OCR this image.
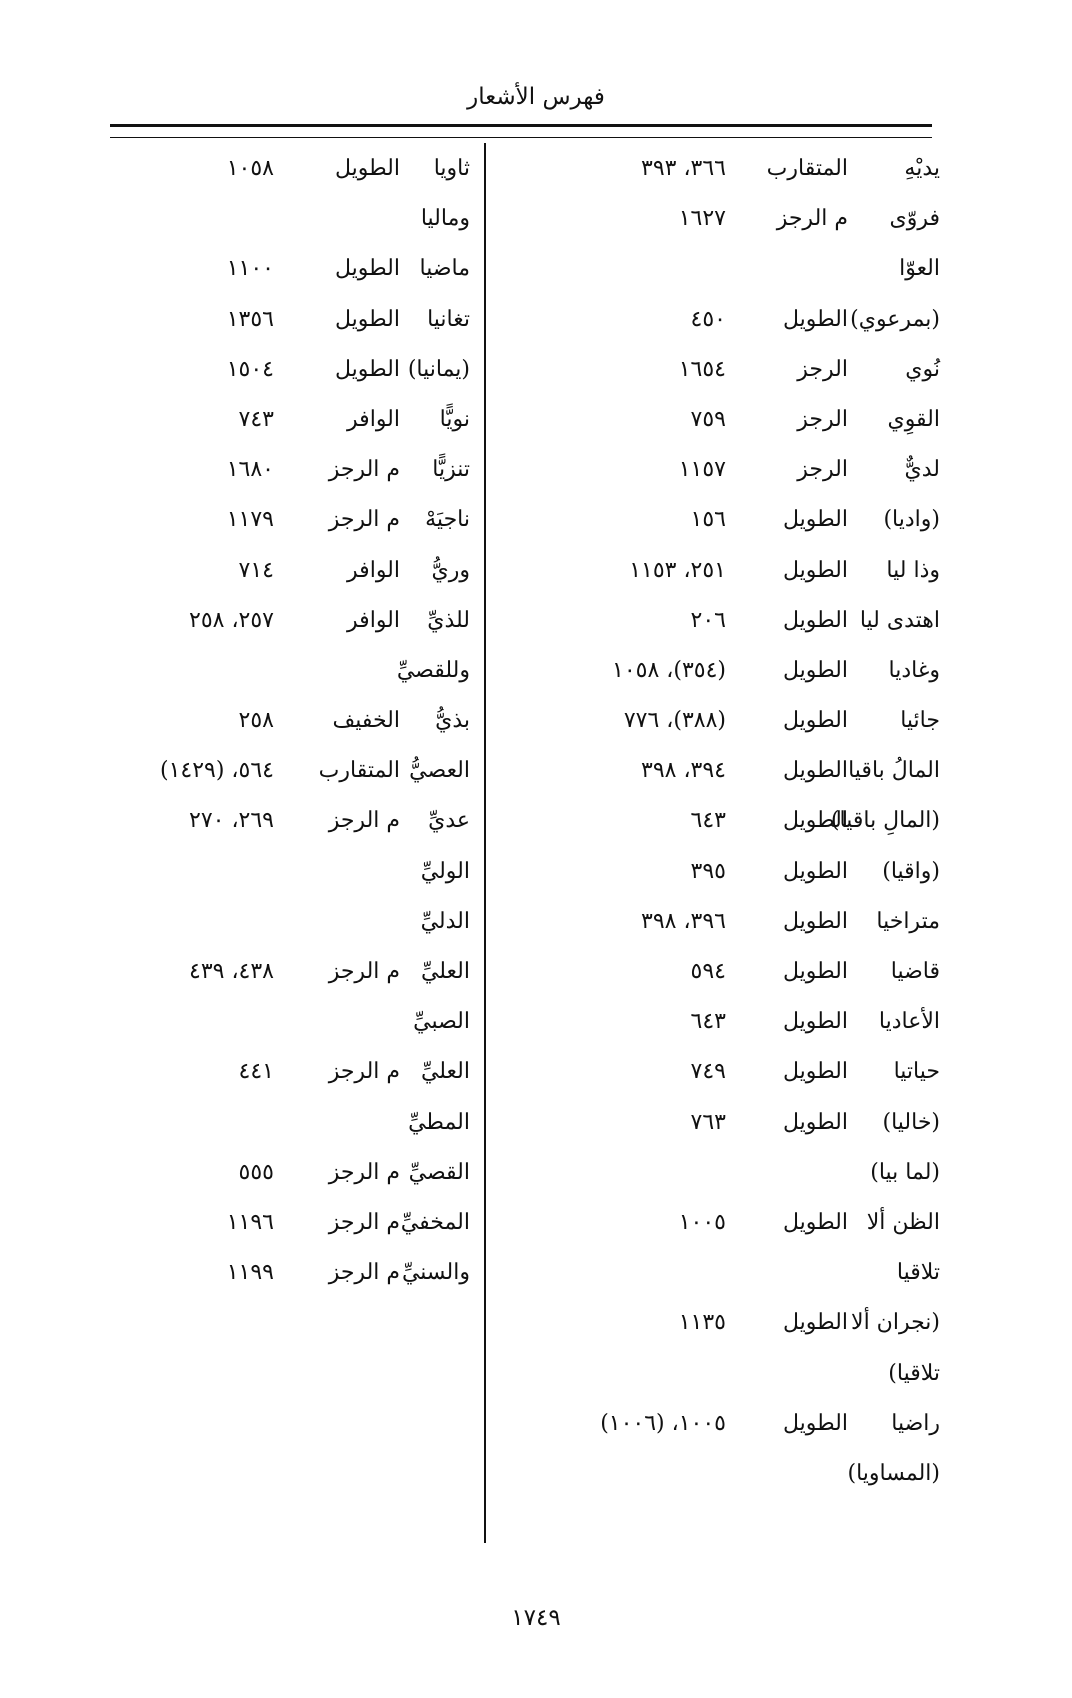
فهرس الأشعار
يديْهِ
المتقارب
٣٦٦، ٣٩٣
فروّى
م الرجز
١٦٢٧
العوّا
(بمرعوي)
الطويل
٤٥٠
نُوي
الرجز
١٦٥٤
القوِي
الرجز
٧٥٩
لديٌّ
الرجز
١١٥٧
(واديا)
الطويل
١٥٦
وذا ليا
الطويل
٢٥١، ١١٥٣
اهتدى ليا
الطويل
٢٠٦
وغاديا
الطويل
(٣٥٤)، ١٠٥٨
جائيا
الطويل
(٣٨٨)، ٧٧٦
المالُ باقيا
الطويل
٣٩٤، ٣٩٨
(المالِ باقيا)
الطويل
٦٤٣
(واقيا)
الطويل
٣٩٥
متراخيا
الطويل
٣٩٦، ٣٩٨
قاضيا
الطويل
٥٩٤
الأعاديا
الطويل
٦٤٣
حياتيا
الطويل
٧٤٩
(خاليا)
الطويل
٧٦٣
(لما بيا)
الظن ألا
الطويل
١٠٠٥
تلاقيا
(نجران ألا
الطويل
١١٣٥
تلاقيا)
راضيا
الطويل
١٠٠٥، (١٠٠٦)
(المساويا)
ثاويا
الطويل
١٠٥٨
وماليا
ماضيا
الطويل
١١٠٠
تغانيا
الطويل
١٣٥٦
(يمانيا)
الطويل
١٥٠٤
نويًّا
الوافر
٧٤٣
تنزيًّا
م الرجز
١٦٨٠
ناجيَهْ
م الرجز
١١٧٩
وريُّ
الوافر
٧١٤
للذيِّ
الوافر
٢٥٧، ٢٥٨
وللقصيِّ
بذيُّ
الخفيف
٢٥٨
العصيُّ
المتقارب
٥٦٤، (١٤٢٩)
عديِّ
م الرجز
٢٦٩، ٢٧٠
الوليِّ
الدليِّ
العليِّ
م الرجز
٤٣٨، ٤٣٩
الصبيِّ
العليِّ
م الرجز
٤٤١
المطيِّ
القصيِّ
م الرجز
٥٥٥
المخفيِّ
م الرجز
١١٩٦
والسنيِّ
م الرجز
١١٩٩
١٧٤٩
